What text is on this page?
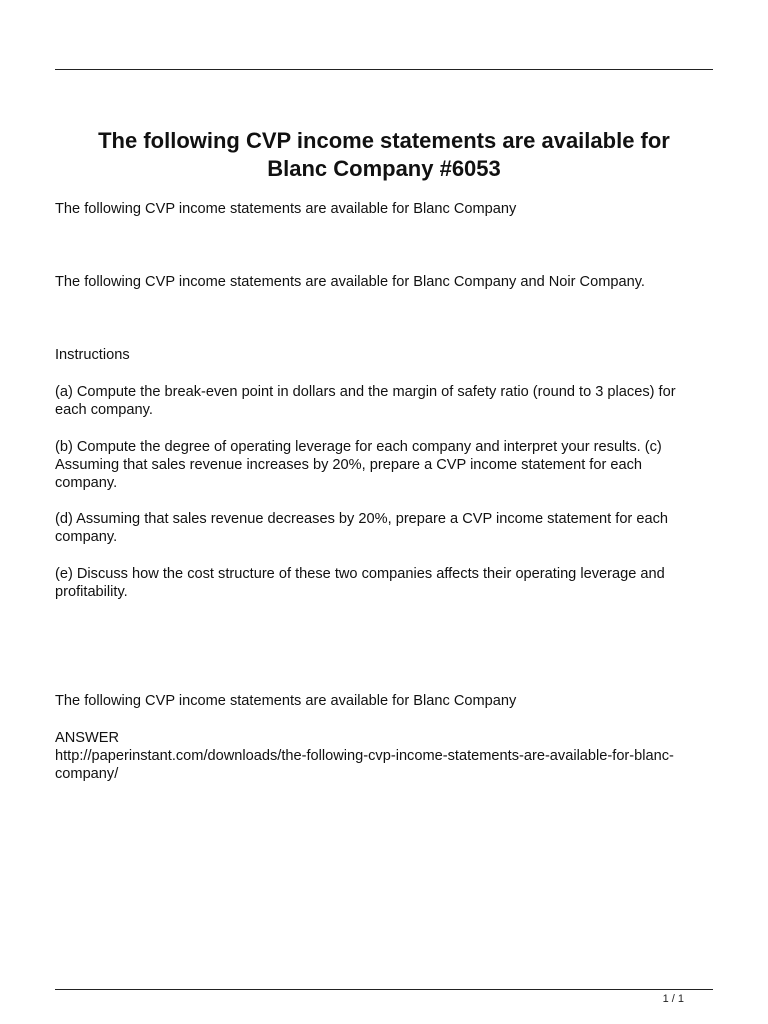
The following CVP income statements are available for
Blanc Company #6053

The following CVP income statements are available for Blanc Company

The following CVP income statements are available for Blanc Company and Noir Company.

Instructions

(a) Compute the break-even point in dollars and the margin of safety ratio (round to 3 places) for
each company.

(b) Compute the degree of operating leverage for each company and interpret your results. (c)
Assuming that sales revenue increases by 20%, prepare a CVP income statement for each
company.

(d) Assuming that sales revenue decreases by 20%, prepare a CVP income statement for each
company.

(e) Discuss how the cost structure of these two companies affects their operating leverage and
profitability.

The following CVP income statements are available for Blanc Company

ANSWER
http://paperinstant.com/downloads/the-following-cvp-income-statements-are-available-for-blanc-
company/

1 / 1
